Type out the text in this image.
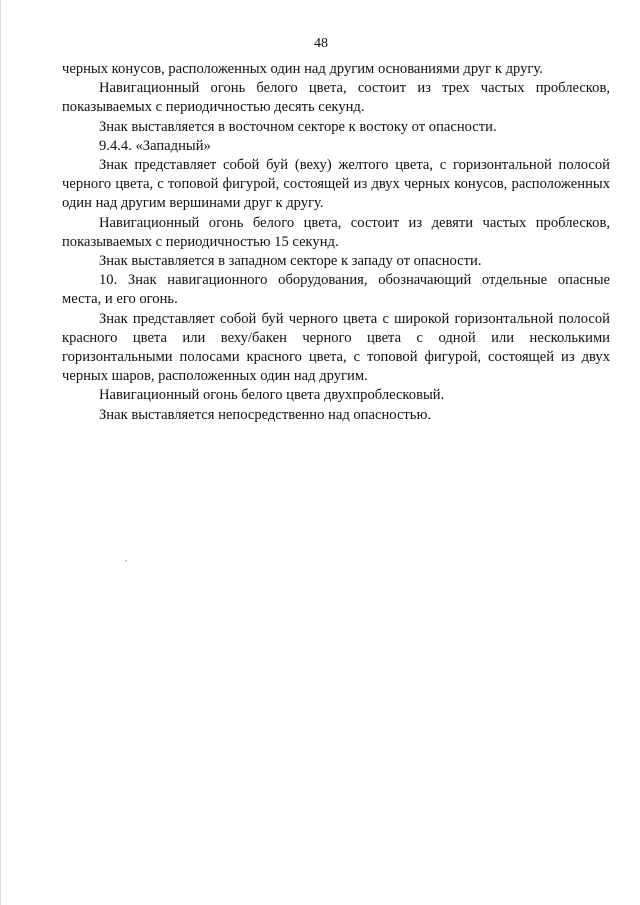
48

черных конусов, расположенных один над другим основаниями друг к другу.

Навигационный огонь белого цвета, состоит из трех частых проблесков, показываемых с периодичностью десять секунд.

Знак выставляется в восточном секторе к востоку от опасности.

9.4.4. «Западный»

Знак представляет собой буй (веху) желтого цвета, с горизонтальной полосой черного цвета, с топовой фигурой, состоящей из двух черных конусов, расположенных один над другим вершинами друг к другу.

Навигационный огонь белого цвета, состоит из девяти частых проблесков, показываемых с периодичностью 15 секунд.

Знак выставляется в западном секторе к западу от опасности.

10. Знак навигационного оборудования, обозначающий отдельные опасные места, и его огонь.

Знак представляет собой буй черного цвета с широкой горизонтальной полосой красного цвета или веху/бакен черного цвета с одной или несколькими горизонтальными полосами красного цвета, с топовой фигурой, состоящей из двух черных шаров, расположенных один над другим.

Навигационный огонь белого цвета двухпроблесковый.

Знак выставляется непосредственно над опасностью.
